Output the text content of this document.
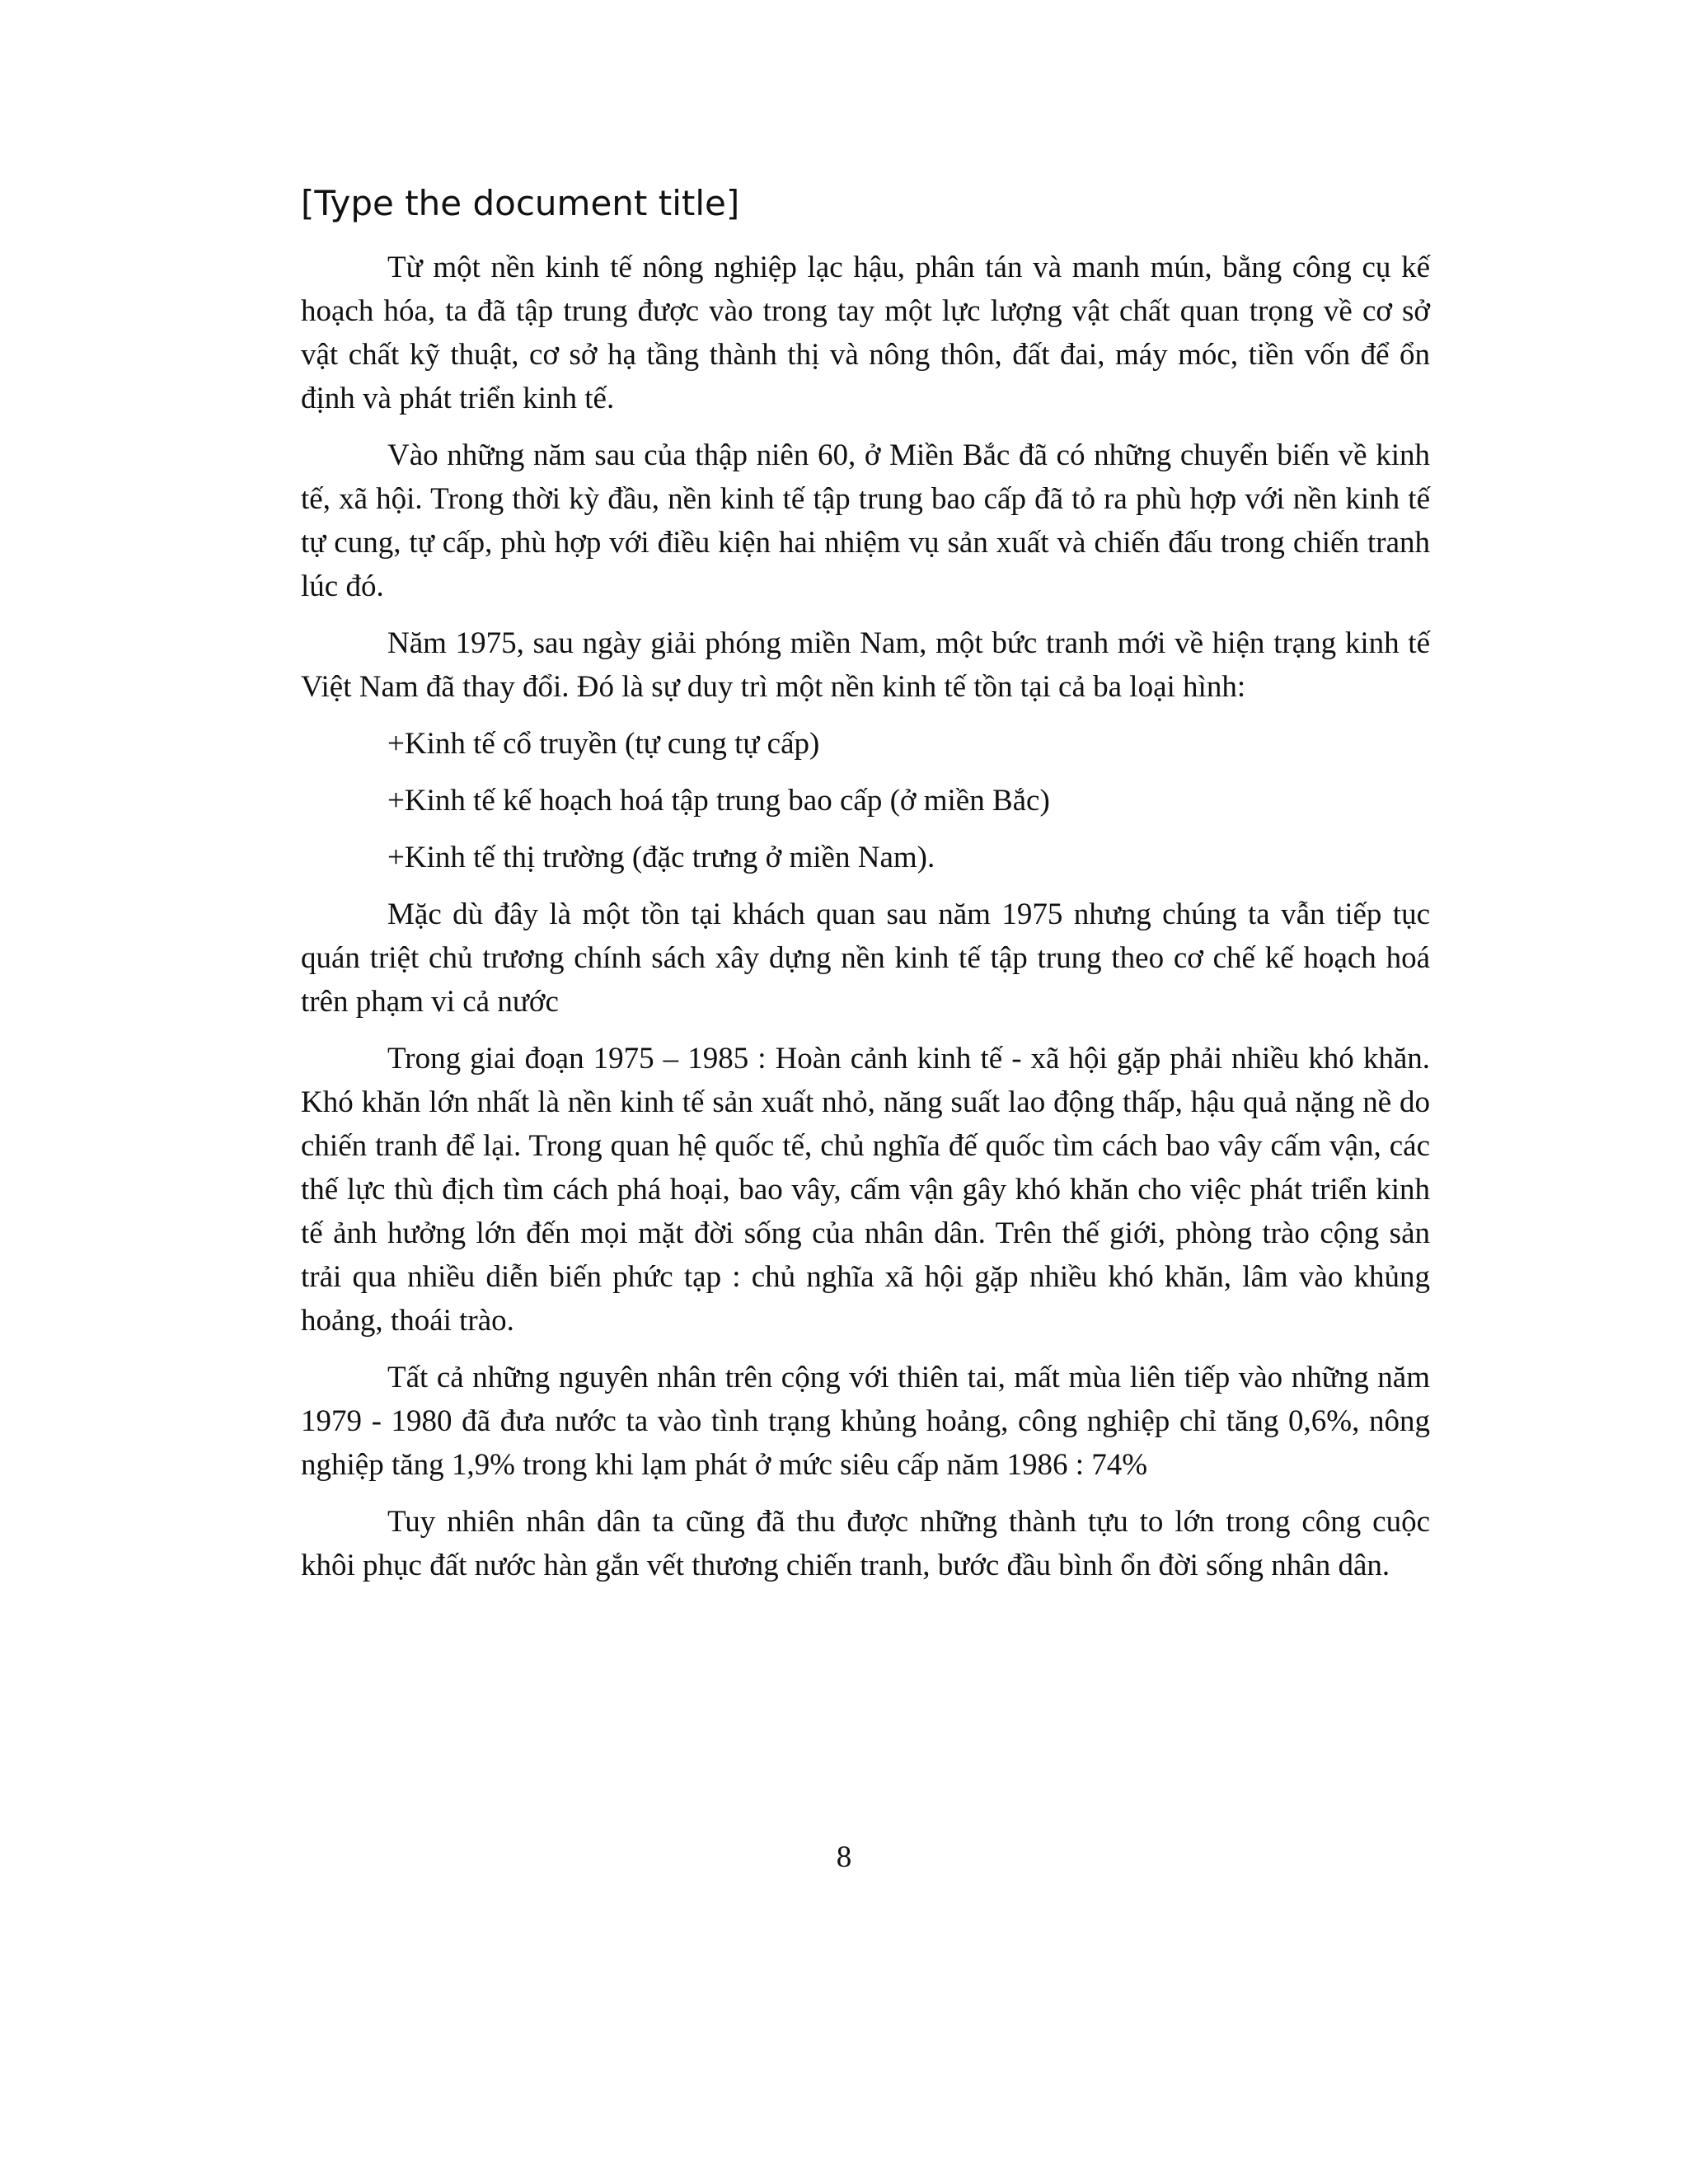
[Type the document title]

Từ một nền kinh tế nông nghiệp lạc hậu, phân tán và manh mún, bằng công cụ kế hoạch hóa, ta đã tập trung được vào trong tay một lực lượng vật chất quan trọng về cơ sở vật chất kỹ thuật, cơ sở hạ tầng thành thị và nông thôn, đất đai, máy móc, tiền vốn để ổn định và phát triển kinh tế.

Vào những năm sau của thập niên 60, ở Miền Bắc đã có những chuyển biến về kinh tế, xã hội. Trong thời kỳ đầu, nền kinh tế tập trung bao cấp đã tỏ ra phù hợp với nền kinh tế tự cung, tự cấp, phù hợp với điều kiện hai nhiệm vụ sản xuất và chiến đấu trong chiến tranh lúc đó.

Năm 1975, sau ngày giải phóng miền Nam, một bức tranh mới về hiện trạng kinh tế Việt Nam đã thay đổi. Đó là sự duy trì một nền kinh tế tồn tại cả ba loại hình:

+Kinh tế cổ truyền (tự cung tự cấp)

+Kinh tế kế hoạch hoá tập trung bao cấp (ở miền Bắc)

+Kinh tế thị trường (đặc trưng ở miền Nam).

Mặc dù đây là một tồn tại khách quan sau năm 1975 nhưng chúng ta vẫn tiếp tục quán triệt chủ trương chính sách xây dựng nền kinh tế tập trung theo cơ chế kế hoạch hoá trên phạm vi cả nước

Trong giai đoạn 1975 – 1985 : Hoàn cảnh kinh tế - xã hội gặp phải nhiều khó khăn. Khó khăn lớn nhất là nền kinh tế sản xuất nhỏ, năng suất lao động thấp, hậu quả nặng nề do chiến tranh để lại. Trong quan hệ quốc tế, chủ nghĩa đế quốc tìm cách bao vây cấm vận, các thế lực thù địch tìm cách phá hoại, bao vây, cấm vận gây khó khăn cho việc phát triển kinh tế ảnh hưởng lớn đến mọi mặt đời sống của nhân dân. Trên thế giới, phòng trào cộng sản trải qua nhiều diễn biến phức tạp : chủ nghĩa xã hội gặp nhiều khó khăn, lâm vào khủng hoảng, thoái trào.

Tất cả những nguyên nhân trên cộng với thiên tai, mất mùa liên tiếp vào những năm 1979 - 1980 đã đưa nước ta vào tình trạng khủng hoảng, công nghiệp chỉ tăng 0,6%, nông nghiệp tăng 1,9% trong khi lạm phát ở mức siêu cấp năm 1986 : 74%

Tuy nhiên nhân dân ta cũng đã thu được những thành tựu to lớn trong công cuộc khôi phục đất nước hàn gắn vết thương chiến tranh, bước đầu bình ổn đời sống nhân dân.

8
